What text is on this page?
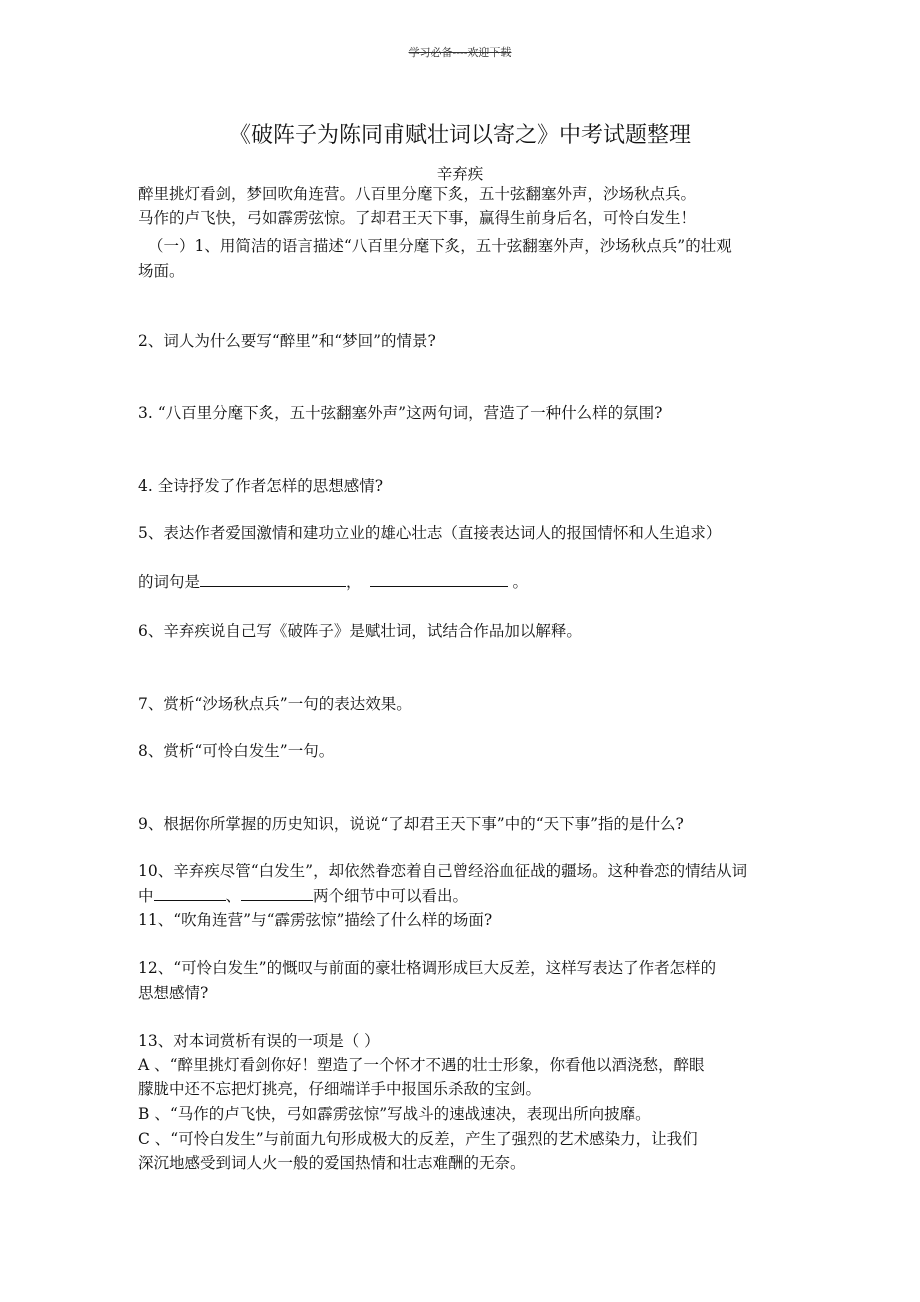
学习必备----欢迎下载
《破阵子为陈同甫赋壮词以寄之》中考试题整理
辛弃疾
醉里挑灯看剑，梦回吹角连营。八百里分麾下炙，五十弦翻塞外声，沙场秋点兵。
马作的卢飞快，弓如霹雳弦惊。了却君王天下事，赢得生前身后名，可怜白发生！
（一）1、用简洁的语言描述“八百里分麾下炙，五十弦翻塞外声，沙场秋点兵”的壮观
场面。
2、词人为什么要写“醉里”和“梦回”的情景?
3. “八百里分麾下炙，五十弦翻塞外声”这两句词，营造了一种什么样的氛围?
4. 全诗抒发了作者怎样的思想感情?
5、表达作者爱国激情和建功立业的雄心壮志（直接表达词人的报国情怀和人生追求）
的词句是	，	。
6、辛弃疾说自己写《破阵子》是赋壮词，试结合作品加以解释。
7、赏析“沙场秋点兵”一句的表达效果。
8、赏析“可怜白发生”一句。
9、根据你所掌握的历史知识，说说“了却君王天下事”中的“天下事”指的是什么?
10、辛弃疾尽管“白发生”，却依然眷恋着自己曾经浴血征战的疆场。这种眷恋的情结从词
中	、	两个细节中可以看出。
11、“吹角连营”与“霹雳弦惊”描绘了什么样的场面?
12、“可怜白发生”的慨叹与前面的豪壮格调形成巨大反差，这样写表达了作者怎样的
思想感情?
13、对本词赏析有误的一项是（ ）
A 、“醉里挑灯看剑你好！塑造了一个怀才不遇的壮士形象，你看他以酒浇愁，醉眼
朦胧中还不忘把灯挑亮，仔细端详手中报国乐杀敌的宝剑。
B 、“马作的卢飞快，弓如霹雳弦惊”写战斗的速战速决，表现出所向披靡。
C 、“可怜白发生”与前面九句形成极大的反差，产生了强烈的艺术感染力，让我们
深沉地感受到词人火一般的爱国热情和壮志难酬的无奈。
